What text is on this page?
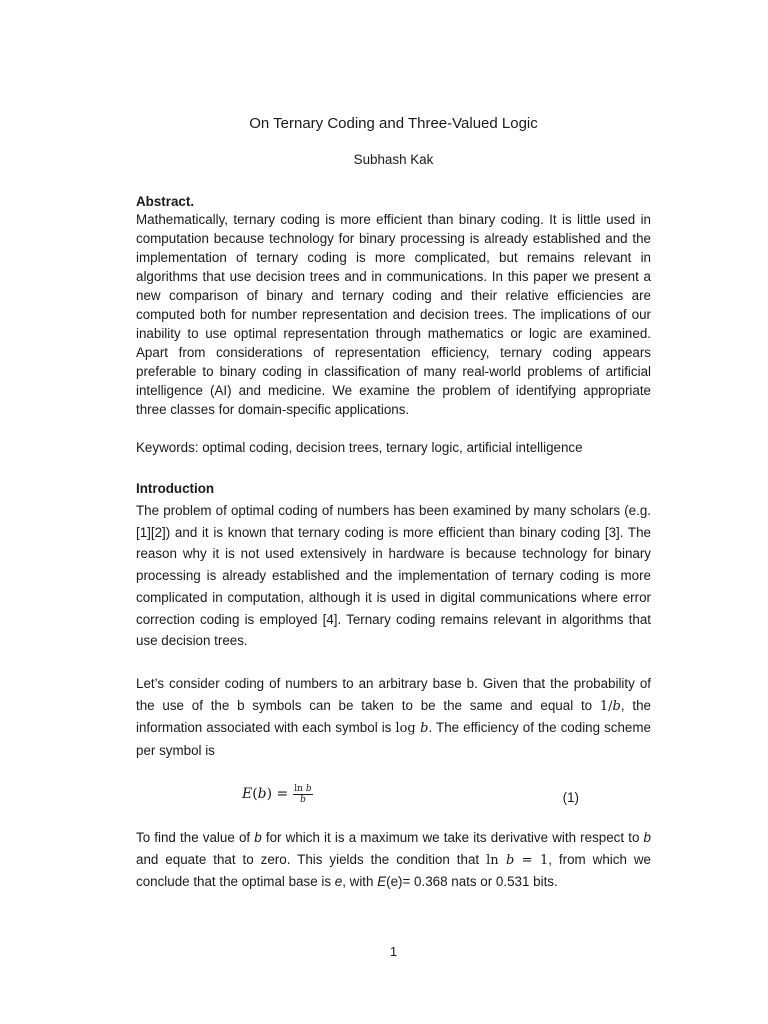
On Ternary Coding and Three-Valued Logic
Subhash Kak
Abstract.
Mathematically, ternary coding is more efficient than binary coding. It is little used in computation because technology for binary processing is already established and the implementation of ternary coding is more complicated, but remains relevant in algorithms that use decision trees and in communications. In this paper we present a new comparison of binary and ternary coding and their relative efficiencies are computed both for number representation and decision trees. The implications of our inability to use optimal representation through mathematics or logic are examined. Apart from considerations of representation efficiency, ternary coding appears preferable to binary coding in classification of many real-world problems of artificial intelligence (AI) and medicine. We examine the problem of identifying appropriate three classes for domain-specific applications.
Keywords: optimal coding, decision trees, ternary logic, artificial intelligence
Introduction
The problem of optimal coding of numbers has been examined by many scholars (e.g. [1][2]) and it is known that ternary coding is more efficient than binary coding [3]. The reason why it is not used extensively in hardware is because technology for binary processing is already established and the implementation of ternary coding is more complicated in computation, although it is used in digital communications where error correction coding is employed [4]. Ternary coding remains relevant in algorithms that use decision trees.
Let’s consider coding of numbers to an arbitrary base b. Given that the probability of the use of the b symbols can be taken to be the same and equal to 1/𝑏, the information associated with each symbol is log 𝑏. The efficiency of the coding scheme per symbol is
𝐸(𝑏) = $\frac{\text{ln 𝑏}}{\text{𝑏}}$	(1)
To find the value of b for which it is a maximum we take its derivative with respect to b and equate that to zero. This yields the condition that ln 𝑏 = 1, from which we conclude that the optimal base is e, with E(e)= 0.368 nats or 0.531 bits.
1
